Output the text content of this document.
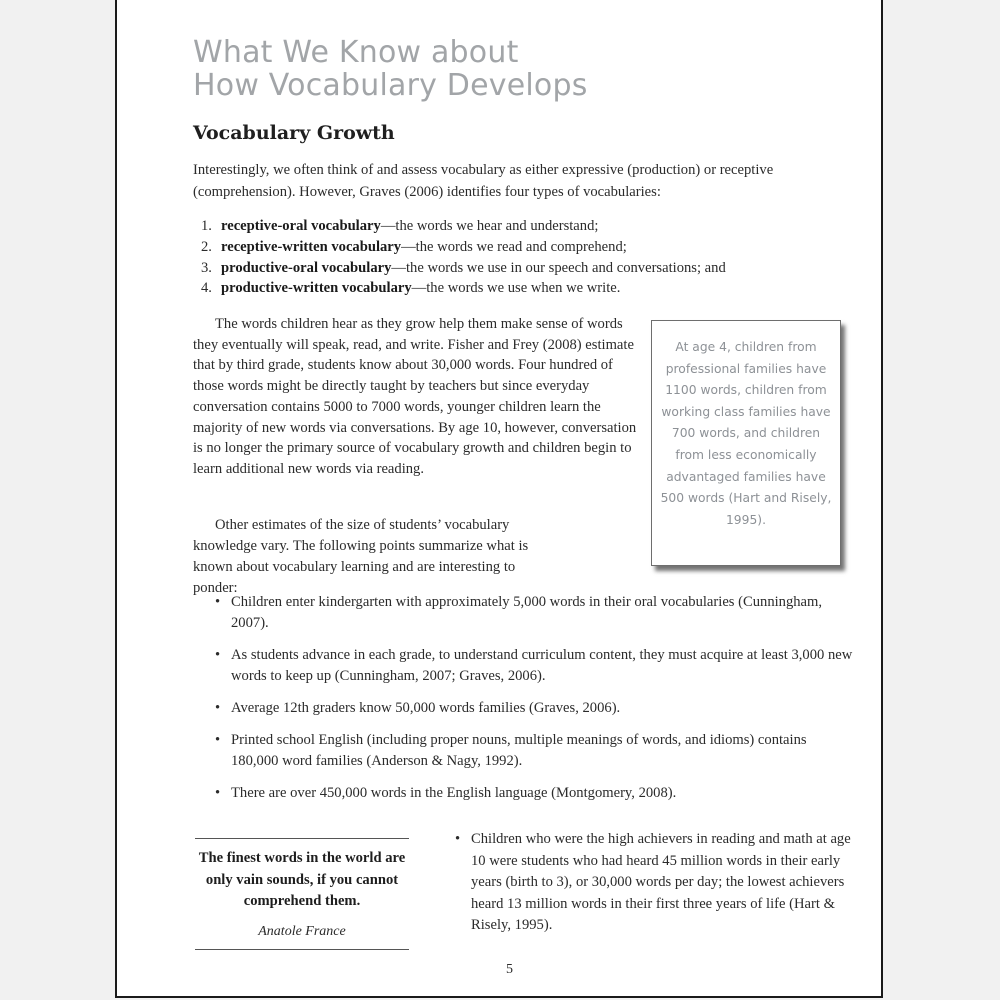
What We Know about
How Vocabulary Develops
Vocabulary Growth

Interestingly, we often think of and assess vocabulary as either expressive (production) or receptive (comprehension). However, Graves (2006) identifies four types of vocabularies:

1. receptive-oral vocabulary—the words we hear and understand;
2. receptive-written vocabulary—the words we read and comprehend;
3. productive-oral vocabulary—the words we use in our speech and conversations; and
4. productive-written vocabulary—the words we use when we write.

The words children hear as they grow help them make sense of words they eventually will speak, read, and write. Fisher and Frey (2008) estimate that by third grade, students know about 30,000 words. Four hundred of those words might be directly taught by teachers but since everyday conversation contains 5000 to 7000 words, younger children learn the majority of new words via conversations. By age 10, however, conversation is no longer the primary source of vocabulary growth and children begin to learn additional new words via reading.

At age 4, children from professional families have 1100 words, children from working class families have 700 words, and children from less economically advantaged families have 500 words (Hart and Risely, 1995).

Other estimates of the size of students’ vocabulary knowledge vary. The following points summarize what is known about vocabulary learning and are interesting to ponder:

• Children enter kindergarten with approximately 5,000 words in their oral vocabularies (Cunningham, 2007).
• As students advance in each grade, to understand curriculum content, they must acquire at least 3,000 new words to keep up (Cunningham, 2007; Graves, 2006).
• Average 12th graders know 50,000 words families (Graves, 2006).
• Printed school English (including proper nouns, multiple meanings of words, and idioms) contains 180,000 word families (Anderson & Nagy, 1992).
• There are over 450,000 words in the English language (Montgomery, 2008).

The finest words in the world are only vain sounds, if you cannot comprehend them.

Anatole France

• Children who were the high achievers in reading and math at age 10 were students who had heard 45 million words in their early years (birth to 3), or 30,000 words per day; the lowest achievers heard 13 million words in their first three years of life (Hart & Risely, 1995).

5
